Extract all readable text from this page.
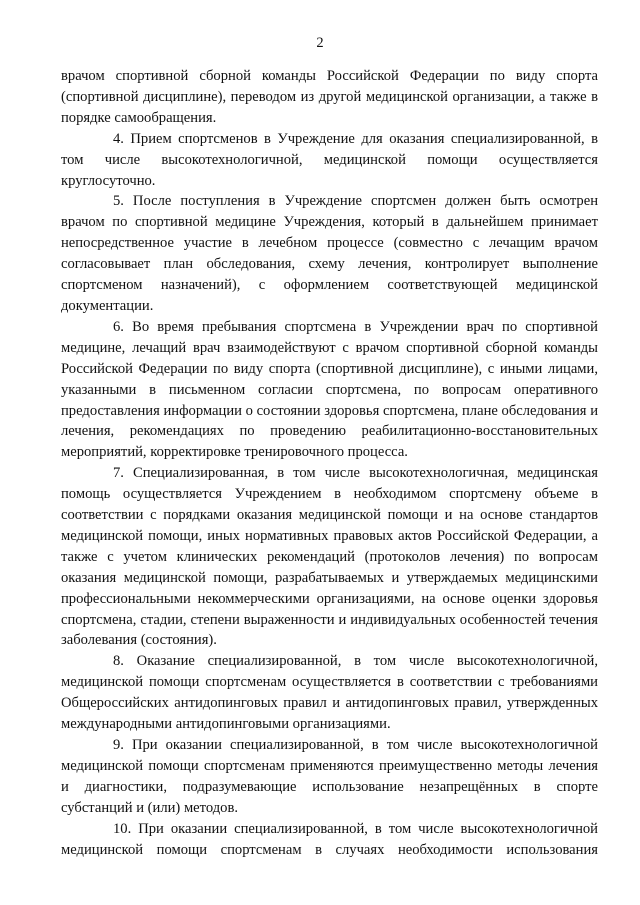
2

врачом спортивной сборной команды Российской Федерации по виду спорта (спортивной дисциплине), переводом из другой медицинской организации, а также в порядке самообращения.

4. Прием спортсменов в Учреждение для оказания специализированной, в том числе высокотехнологичной, медицинской помощи осуществляется круглосуточно.

5. После поступления в Учреждение спортсмен должен быть осмотрен врачом по спортивной медицине Учреждения, который в дальнейшем принимает непосредственное участие в лечебном процессе (совместно с лечащим врачом согласовывает план обследования, схему лечения, контролирует выполнение спортсменом назначений), с оформлением соответствующей медицинской документации.

6. Во время пребывания спортсмена в Учреждении врач по спортивной медицине, лечащий врач взаимодействуют с врачом спортивной сборной команды Российской Федерации по виду спорта (спортивной дисциплине), с иными лицами, указанными в письменном согласии спортсмена, по вопросам оперативного предоставления информации о состоянии здоровья спортсмена, плане обследования и лечения, рекомендациях по проведению реабилитационно-восстановительных мероприятий, корректировке тренировочного процесса.

7. Специализированная, в том числе высокотехнологичная, медицинская помощь осуществляется Учреждением в необходимом спортсмену объеме в соответствии с порядками оказания медицинской помощи и на основе стандартов медицинской помощи, иных нормативных правовых актов Российской Федерации, а также с учетом клинических рекомендаций (протоколов лечения) по вопросам оказания медицинской помощи, разрабатываемых и утверждаемых медицинскими профессиональными некоммерческими организациями, на основе оценки здоровья спортсмена, стадии, степени выраженности и индивидуальных особенностей течения заболевания (состояния).

8. Оказание специализированной, в том числе высокотехнологичной, медицинской помощи спортсменам осуществляется в соответствии с требованиями Общероссийских антидопинговых правил и антидопинговых правил, утвержденных международными антидопинговыми организациями.

9. При оказании специализированной, в том числе высокотехнологичной медицинской помощи спортсменам применяются преимущественно методы лечения и диагностики, подразумевающие использование незапрещённых в спорте субстанций и (или) методов.

10. При оказании специализированной, в том числе высокотехнологичной медицинской помощи спортсменам в случаях необходимости использования
